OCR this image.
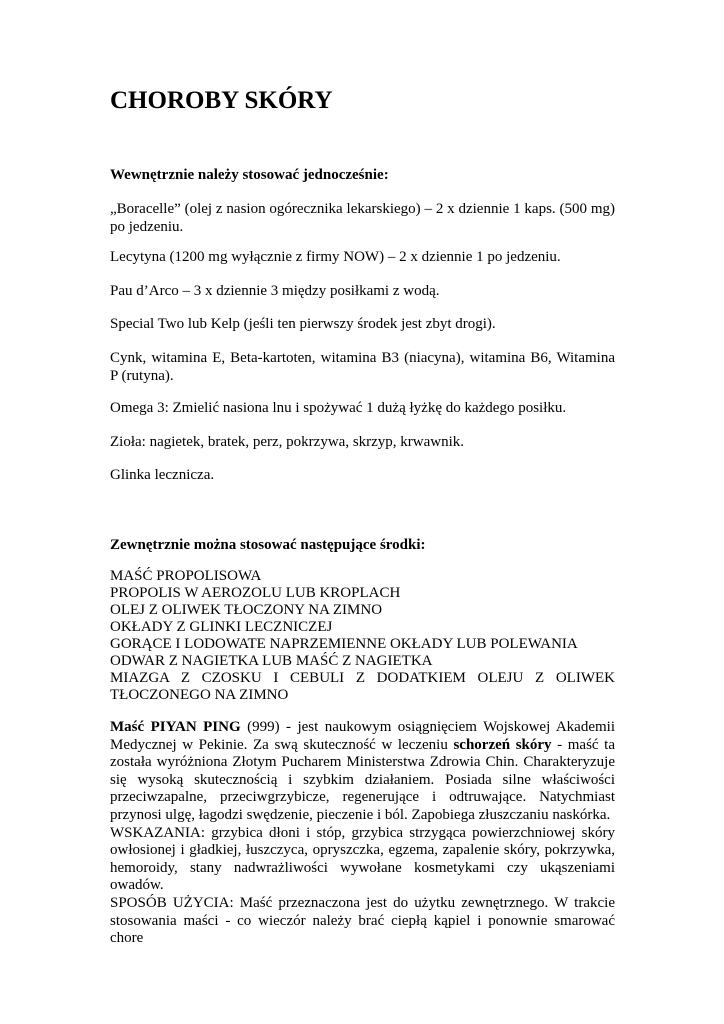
CHOROBY SKÓRY
Wewnętrznie należy stosować jednocześnie:

„Boracelle” (olej z nasion ogórecznika lekarskiego) – 2 x dziennie 1 kaps. (500 mg) po jedzeniu.

Lecytyna (1200 mg wyłącznie z firmy NOW) – 2 x dziennie 1 po jedzeniu.

Pau d’Arco – 3 x dziennie 3 między posiłkami z wodą.

Special Two lub Kelp (jeśli ten pierwszy środek jest zbyt drogi).

Cynk, witamina E, Beta-kartoten, witamina B3 (niacyna), witamina B6, Witamina P (rutyna).

Omega 3: Zmielić nasiona lnu i spożywać 1 dużą łyżkę do każdego posiłku.

Zioła: nagietek, bratek, perz, pokrzywa, skrzyp, krwawnik.

Glinka lecznicza.

Zewnętrznie można stosować następujące środki:
MAŚĆ PROPOLISOWA
PROPOLIS W AEROZOLU LUB KROPLACH
OLEJ Z OLIWEK TŁOCZONY NA ZIMNO
OKŁADY Z GLINKI LECZNICZEJ
GORĄCE I LODOWATE NAPRZEMIENNE OKŁADY LUB POLEWANIA
ODWAR Z NAGIETKA LUB MAŚĆ Z NAGIETKA
MIAZGA Z CZOSKU I CEBULI Z DODATKIEM OLEJU Z OLIWEK TŁOCZONEGO NA ZIMNO

Maść PIYAN PING (999) - jest naukowym osiągnięciem Wojskowej Akademii Medycznej w Pekinie. Za swą skuteczność w leczeniu schorzeń skóry - maść ta została wyróżniona Złotym Pucharem Ministerstwa Zdrowia Chin. Charakteryzuje się wysoką skutecznością i szybkim działaniem. Posiada silne właściwości przeciwzapalne, przeciwgrzybicze, regenerujące i odtruwające. Natychmiast przynosi ulgę, łagodzi swędzenie, pieczenie i ból. Zapobiega złuszczaniu naskórka.

WSKAZANIA: grzybica dłoni i stóp, grzybica strzygąca powierzchniowej skóry owłosionej i gładkiej, łuszczyca, opryszczka, egzema, zapalenie skóry, pokrzywka, hemoroidy, stany nadwrażliwości wywołane kosmetykami czy ukąszeniami owadów.

SPOSÓB UŻYCIA: Maść przeznaczona jest do użytku zewnętrznego. W trakcie stosowania maści - co wieczór należy brać ciepłą kąpiel i ponownie smarować chore
